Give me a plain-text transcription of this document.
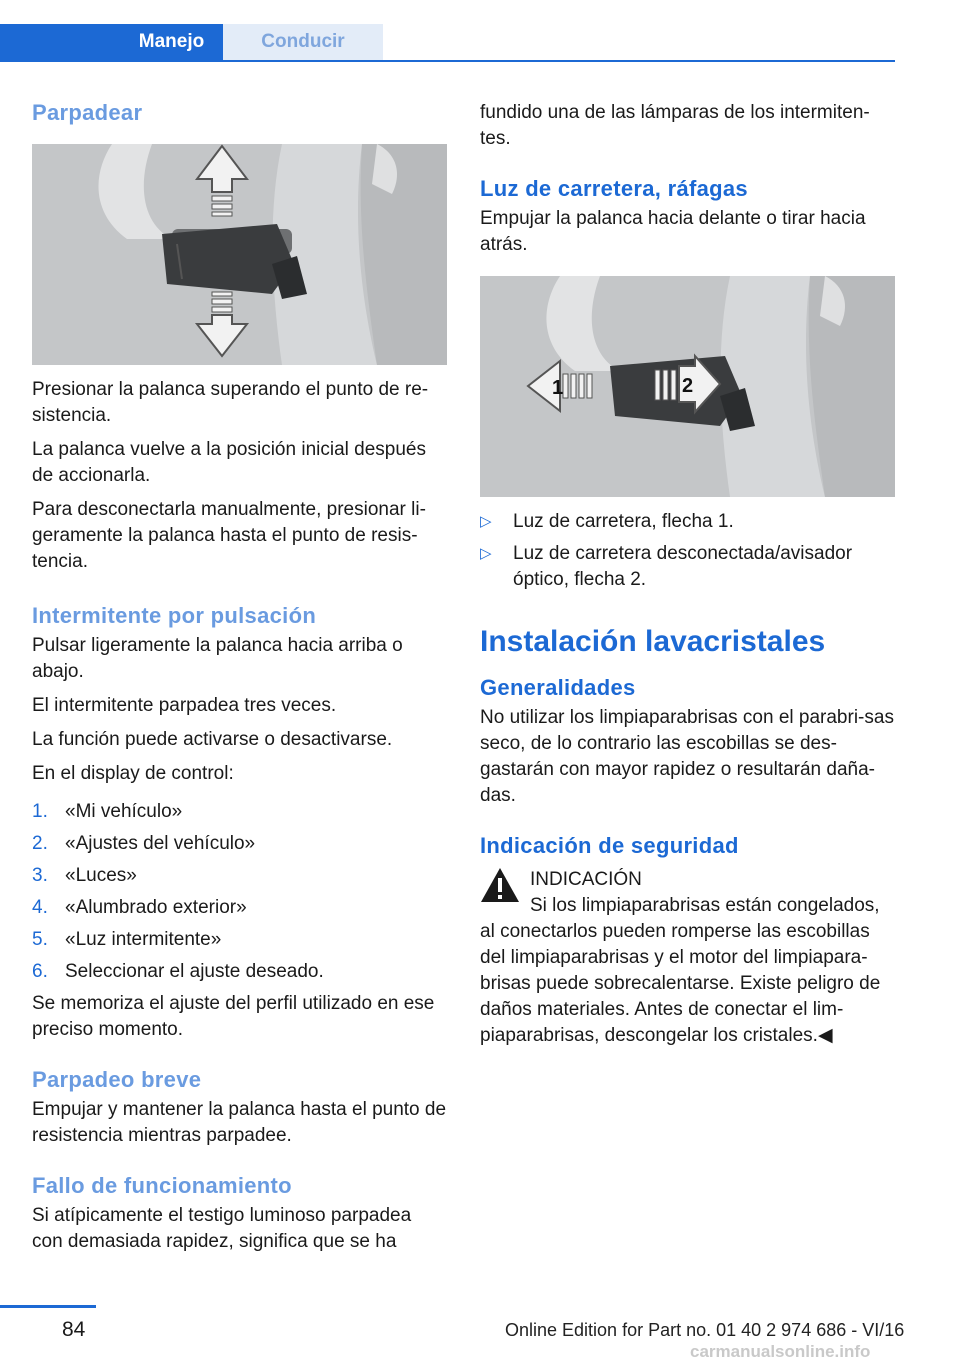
Manejo	Conducir
Parpadear

Presionar la palanca superando el punto de re‐sistencia.

La palanca vuelve a la posición inicial después de accionarla.

Para desconectarla manualmente, presionar li‐geramente la palanca hasta el punto de resis‐tencia.

Intermitente por pulsación

Pulsar ligeramente la palanca hacia arriba o abajo.

El intermitente parpadea tres veces.

La función puede activarse o desactivarse.

En el display de control:

1. «Mi vehículo»
2. «Ajustes del vehículo»
3. «Luces»
4. «Alumbrado exterior»
5. «Luz intermitente»
6. Seleccionar el ajuste deseado.

Se memoriza el ajuste del perfil utilizado en ese preciso momento.

Parpadeo breve

Empujar y mantener la palanca hasta el punto de resistencia mientras parpadee.

Fallo de funcionamiento

Si atípicamente el testigo luminoso parpadea con demasiada rapidez, significa que se ha

fundido una de las lámparas de los intermiten‐tes.

Luz de carretera, ráfagas

Empujar la palanca hacia delante o tirar hacia atrás.

1	2
▷ Luz de carretera, flecha 1.
▷ Luz de carretera desconectada/avisador óptico, flecha 2.
Instalación lavacristales
Generalidades

No utilizar los limpiaparabrisas con el parabri‐sas seco, de lo contrario las escobillas se des‐gastarán con mayor rapidez o resultarán daña‐das.

Indicación de seguridad

INDICACIÓN

Si los limpiaparabrisas están congelados,

al conectarlos pueden romperse las escobillas del limpiaparabrisas y el motor del limpiapara‐brisas puede sobrecalentarse. Existe peligro de daños materiales. Antes de conectar el lim‐piaparabrisas, descongelar los cristales.◀

84	Online Edition for Part no. 01 40 2 974 686 - VI/16
carmanualsonline.info
